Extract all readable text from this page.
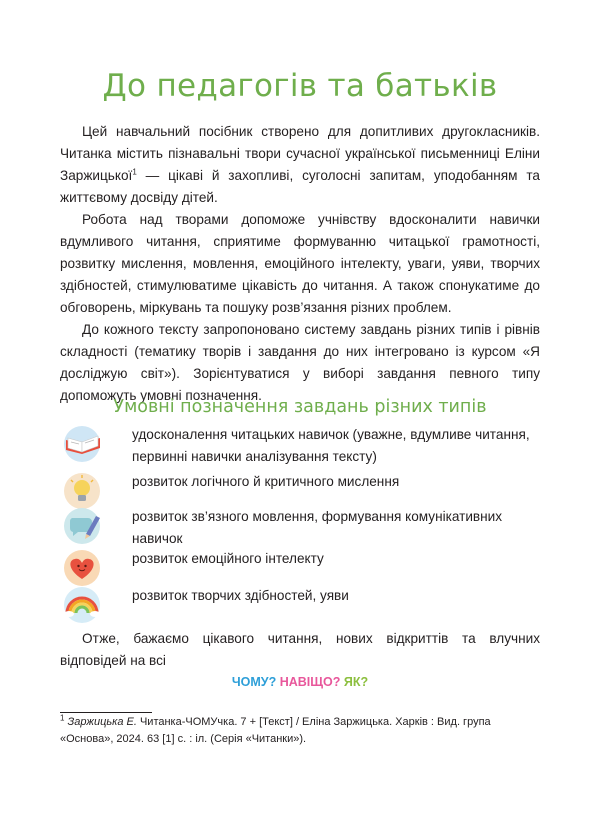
До педагогів та батьків

Цей навчальний посібник створено для допитливих другокласників. Читанка містить пізнавальні твори сучасної української письменниці Еліни Заржицької$^1$ — цікаві й захопливі, суголосні запитам, уподобанням та життєвому досвіду дітей.

Робота над творами допоможе учнівству вдосконалити навички вдумливого читання, сприятиме формуванню читацької грамотності, розвитку мислення, мовлення, емоційного інтелекту, уваги, уяви, творчих здібностей, стимулюватиме цікавість до читання. А також спонукатиме до обговорень, міркувань та пошуку розв’язання різних проблем.

До кожного тексту запропоновано систему завдань різних типів і рівнів складності (тематику творів і завдання до них інтегровано із курсом «Я досліджую світ»). Зорієнтуватися у виборі завдання певного типу допоможуть умовні позначення.

Умовні позначення завдань різних типів
удосконалення читацьких навичок (уважне, вдумливе читання, первинні навички аналізування тексту)
розвиток логічного й критичного мислення
розвиток зв’язного мовлення, формування комунікативних навичок
розвиток емоційного інтелекту
розвиток творчих здібностей, уяви

Отже, бажаємо цікавого читання, нових відкриттів та влучних відповідей на всі

ЧОМУ? НАВІЩО? ЯК?
$^1$ Заржицька Е. Читанка-ЧОМУчка. 7 + [Текст] / Еліна Заржицька. Харків : Вид. група «Основа», 2024. 63 [1] с. : іл. (Серія «Читанки»).
